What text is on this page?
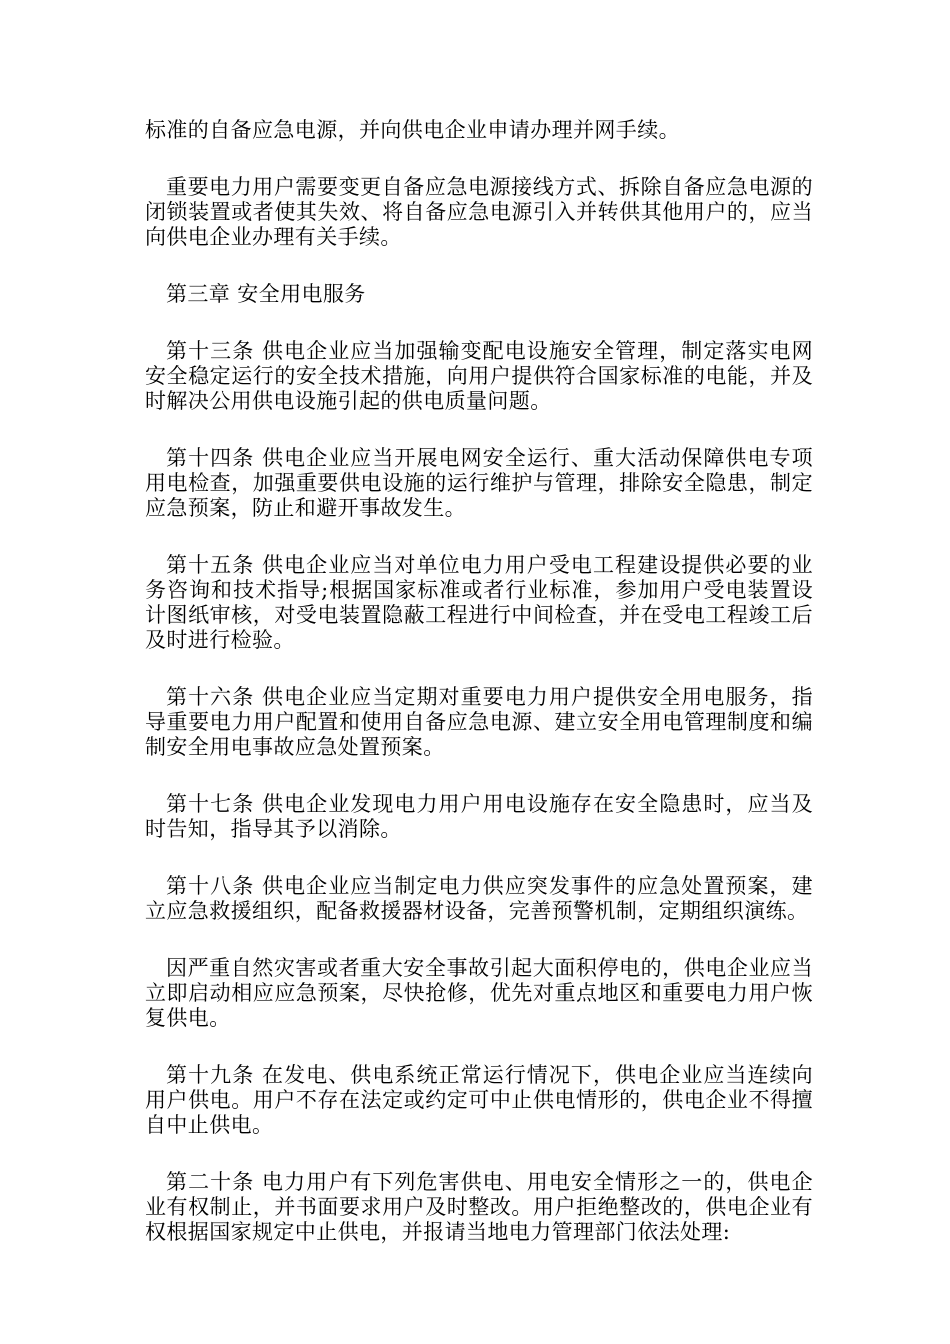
标准的自备应急电源，并向供电企业申请办理并网手续。

重要电力用户需要变更自备应急电源接线方式、拆除自备应急电源的闭锁装置或者使其失效、将自备应急电源引入并转供其他用户的，应当向供电企业办理有关手续。

第三章 安全用电服务

第十三条 供电企业应当加强输变配电设施安全管理，制定落实电网安全稳定运行的安全技术措施，向用户提供符合国家标准的电能，并及时解决公用供电设施引起的供电质量问题。

第十四条 供电企业应当开展电网安全运行、重大活动保障供电专项用电检查，加强重要供电设施的运行维护与管理，排除安全隐患，制定应急预案，防止和避开事故发生。

第十五条 供电企业应当对单位电力用户受电工程建设提供必要的业务咨询和技术指导;根据国家标准或者行业标准，参加用户受电装置设计图纸审核，对受电装置隐蔽工程进行中间检查，并在受电工程竣工后及时进行检验。

第十六条 供电企业应当定期对重要电力用户提供安全用电服务，指导重要电力用户配置和使用自备应急电源、建立安全用电管理制度和编制安全用电事故应急处置预案。

第十七条 供电企业发现电力用户用电设施存在安全隐患时，应当及时告知，指导其予以消除。

第十八条 供电企业应当制定电力供应突发事件的应急处置预案，建立应急救援组织，配备救援器材设备，完善预警机制，定期组织演练。

因严重自然灾害或者重大安全事故引起大面积停电的，供电企业应当立即启动相应应急预案，尽快抢修，优先对重点地区和重要电力用户恢复供电。

第十九条 在发电、供电系统正常运行情况下，供电企业应当连续向用户供电。用户不存在法定或约定可中止供电情形的，供电企业不得擅自中止供电。

第二十条 电力用户有下列危害供电、用电安全情形之一的，供电企业有权制止，并书面要求用户及时整改。用户拒绝整改的，供电企业有权根据国家规定中止供电，并报请当地电力管理部门依法处理:
